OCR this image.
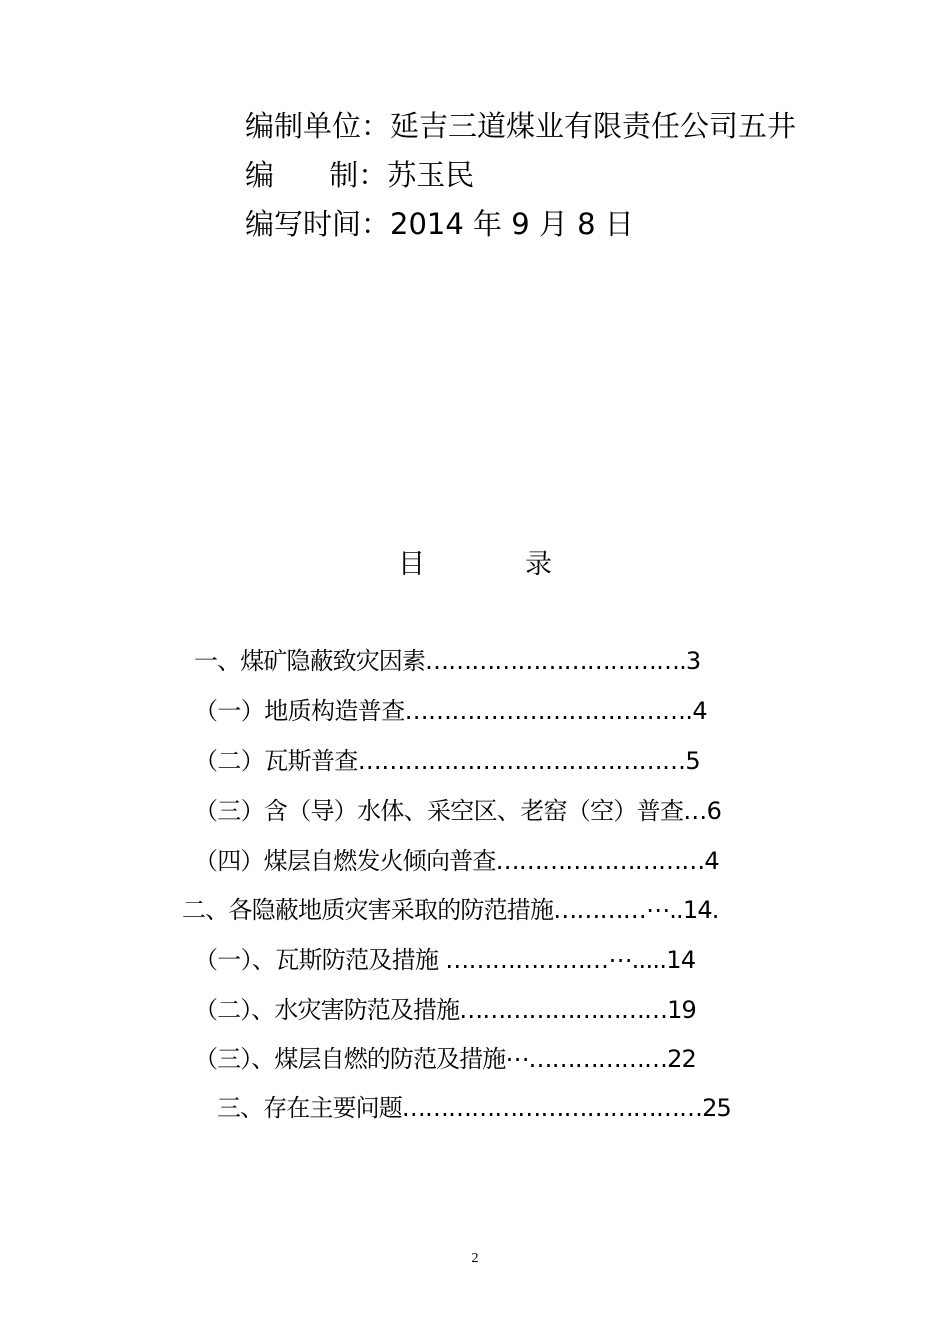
编制单位：延吉三道煤业有限责任公司五井
编      制：苏玉民
编写时间：2014 年 9 月 8 日
目	录
一、煤矿隐蔽致灾因素…………………………….3
（一）地质构造普查……………………………….4
（二）瓦斯普查……………………………………5
（三）含（导）水体、采空区、老窑（空）普查…6
（四）煤层自燃发火倾向普查………………………4
二、各隐蔽地质灾害采取的防范措施…………⋯..14.
（一）、瓦斯防范及措施 …………………⋯.....14
（二）、水灾害防范及措施………………………19
（三）、煤层自燃的防范及措施⋯………………22
三、存在主要问题…………………………………25
2
